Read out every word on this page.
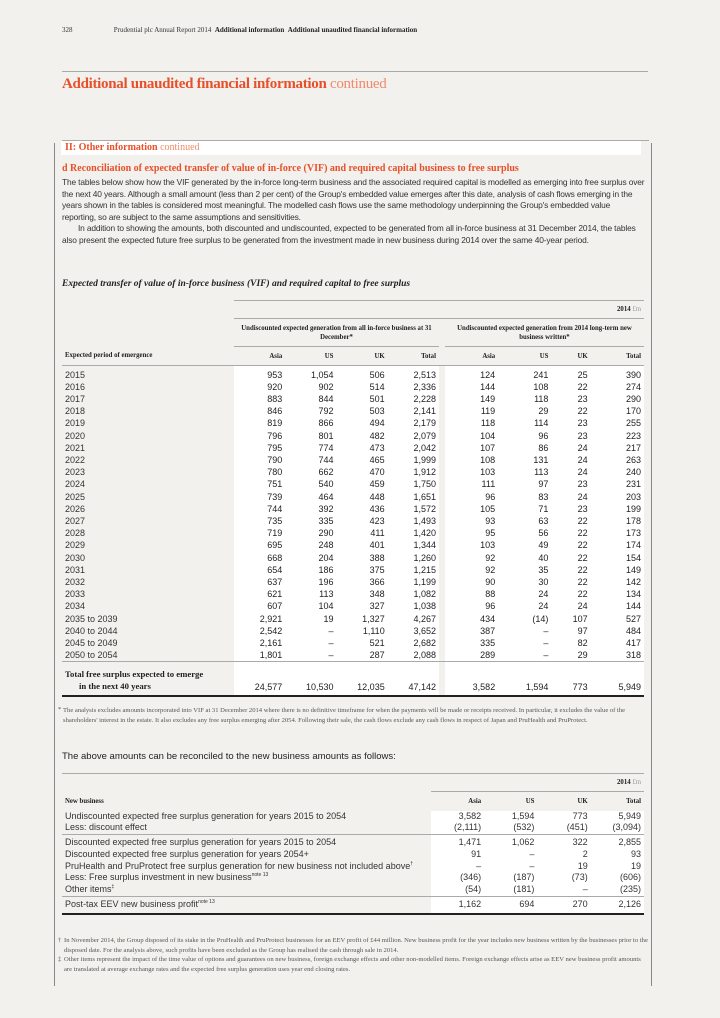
328	Prudential plc Annual Report 2014 Additional information Additional unaudited financial information
Additional unaudited financial information continued
II: Other information continued
d Reconciliation of expected transfer of value of in-force (VIF) and required capital business to free surplus

The tables below show how the VIF generated by the in-force long-term business and the associated required capital is modelled as emerging into free surplus over the next 40 years. Although a small amount (less than 2 per cent) of the Group's embedded value emerges after this date, analysis of cash flows emerging in the years shown in the tables is considered most meaningful. The modelled cash flows use the same methodology underpinning the Group's embedded value reporting, so are subject to the same assumptions and sensitivities.

In addition to showing the amounts, both discounted and undiscounted, expected to be generated from all in-force business at 31 December 2014, the tables also present the expected future free surplus to be generated from the investment made in new business during 2014 over the same 40-year period.

Expected transfer of value of in-force business (VIF) and required capital to free surplus
	2014 £m								
	Undiscounted expected generation from all in-force business at 31 December*					Undiscounted expected generation from 2014 long-term new business written*			
Expected period of emergence	Asia	US	UK	Total		Asia	US	UK	Total

2015	953	1,054	506	2,513		124	241	25	390
2016	920	902	514	2,336		144	108	22	274
2017	883	844	501	2,228		149	118	23	290
2018	846	792	503	2,141		119	29	22	170
2019	819	866	494	2,179		118	114	23	255
2020	796	801	482	2,079		104	96	23	223
2021	795	774	473	2,042		107	86	24	217
2022	790	744	465	1,999		108	131	24	263
2023	780	662	470	1,912		103	113	24	240
2024	751	540	459	1,750		111	97	23	231
2025	739	464	448	1,651		96	83	24	203
2026	744	392	436	1,572		105	71	23	199
2027	735	335	423	1,493		93	63	22	178
2028	719	290	411	1,420		95	56	22	173
2029	695	248	401	1,344		103	49	22	174
2030	668	204	388	1,260		92	40	22	154
2031	654	186	375	1,215		92	35	22	149
2032	637	196	366	1,199		90	30	22	142
2033	621	113	348	1,082		88	24	22	134
2034	607	104	327	1,038		96	24	24	144
2035 to 2039	2,921	19	1,327	4,267		434	(14)	107	527
2040 to 2044	2,542	–	1,110	3,652		387	–	97	484
2045 to 2049	2,161	–	521	2,682		335	–	82	417
2050 to 2054	1,801	–	287	2,088		289	–	29	318
Total free surplus expected to emerge
in the next 40 years	24,577	10,530	12,035	47,142		3,582	1,594	773	5,949
* The analysis excludes amounts incorporated into VIF at 31 December 2014 where there is no definitive timeframe for when the payments will be made or receipts received. In particular, it excludes the value of the shareholders' interest in the estate. It also excludes any free surplus emerging after 2054. Following their sale, the cash flows exclude any cash flows in respect of Japan and PruHealth and PruProtect.
The above amounts can be reconciled to the new business amounts as follows:
	2014 £m			
New business	Asia	US	UK	Total
Undiscounted expected free surplus generation for years 2015 to 2054	3,582	1,594	773	5,949
Less: discount effect	(2,111)	(532)	(451)	(3,094)
Discounted expected free surplus generation for years 2015 to 2054	1,471	1,062	322	2,855
Discounted expected free surplus generation for years 2054+	91	–	2	93
PruHealth and PruProtect free surplus generation for new business not included above†	–	–	19	19
Less: Free surplus investment in new business$^{note 13}$	(346)	(187)	(73)	(606)
Other items‡	(54)	(181)	–	(235)
Post-tax EEV new business profit$^{note 13}$	1,162	694	270	2,126
† In November 2014, the Group disposed of its stake in the PruHealth and PruProtect businesses for an EEV profit of £44 million. New business profit for the year includes new business written by the businesses prior to the disposed date. For the analysis above, such profits have been excluded as the Group has realised the cash through sale in 2014.
‡ Other items represent the impact of the time value of options and guarantees on new business, foreign exchange effects and other non-modelled items. Foreign exchange effects arise as EEV new business profit amounts are translated at average exchange rates and the expected free surplus generation uses year end closing rates.
